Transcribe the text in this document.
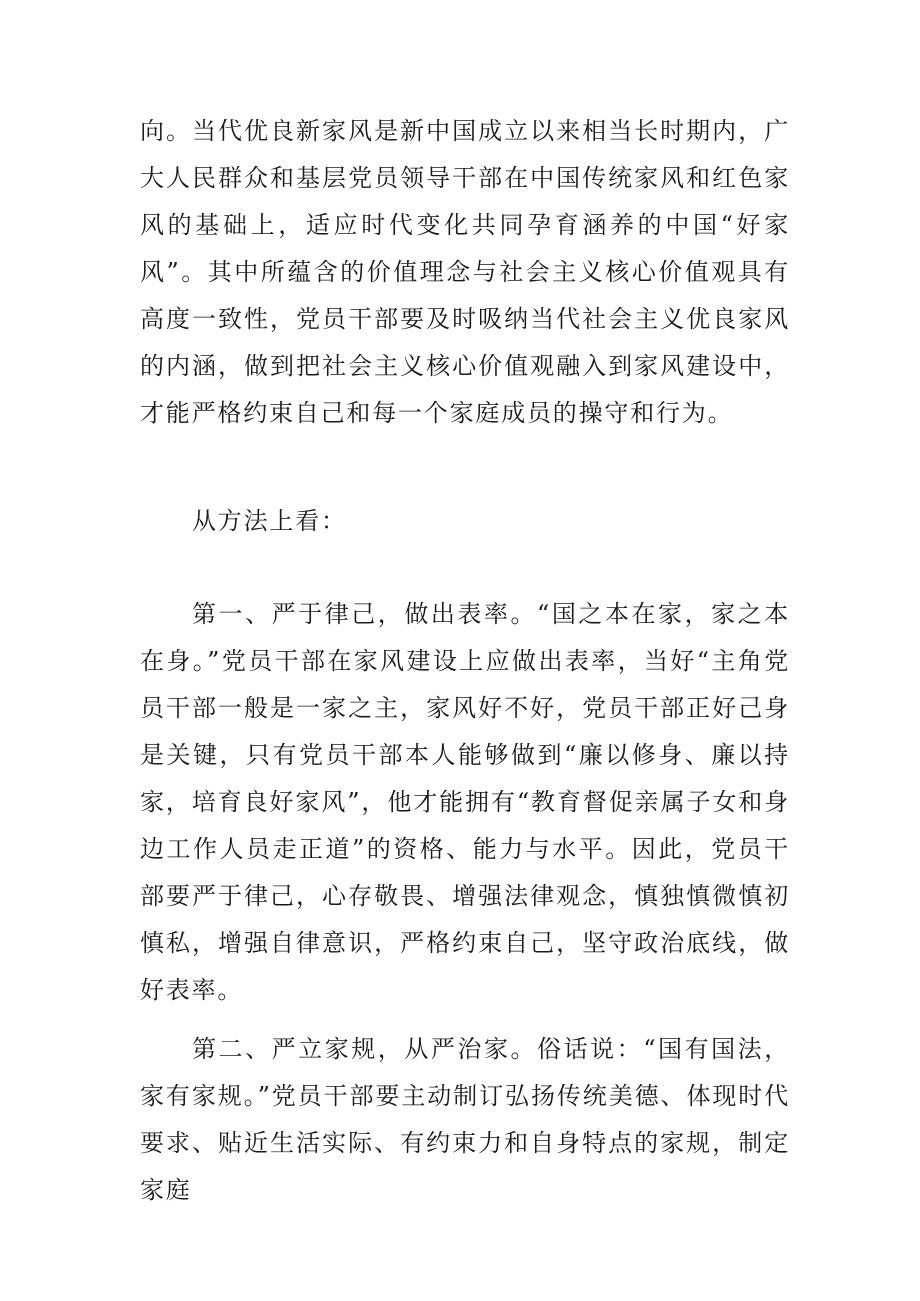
向。当代优良新家风是新中国成立以来相当长时期内，广大人民群众和基层党员领导干部在中国传统家风和红色家风的基础上，适应时代变化共同孕育涵养的中国“好家风”。其中所蕴含的价值理念与社会主义核心价值观具有高度一致性，党员干部要及时吸纳当代社会主义优良家风的内涵，做到把社会主义核心价值观融入到家风建设中，才能严格约束自己和每一个家庭成员的操守和行为。

从方法上看：

第一、严于律己，做出表率。“国之本在家，家之本在身。”党员干部在家风建设上应做出表率，当好“主角党员干部一般是一家之主，家风好不好，党员干部正好己身是关键，只有党员干部本人能够做到“廉以修身、廉以持家，培育良好家风”，他才能拥有“教育督促亲属子女和身边工作人员走正道”的资格、能力与水平。因此，党员干部要严于律己，心存敬畏、增强法律观念，慎独慎微慎初慎私，增强自律意识，严格约束自己，坚守政治底线，做好表率。

第二、严立家规，从严治家。俗话说：“国有国法，家有家规。”党员干部要主动制订弘扬传统美德、体现时代要求、贴近生活实际、有约束力和自身特点的家规，制定家庭
